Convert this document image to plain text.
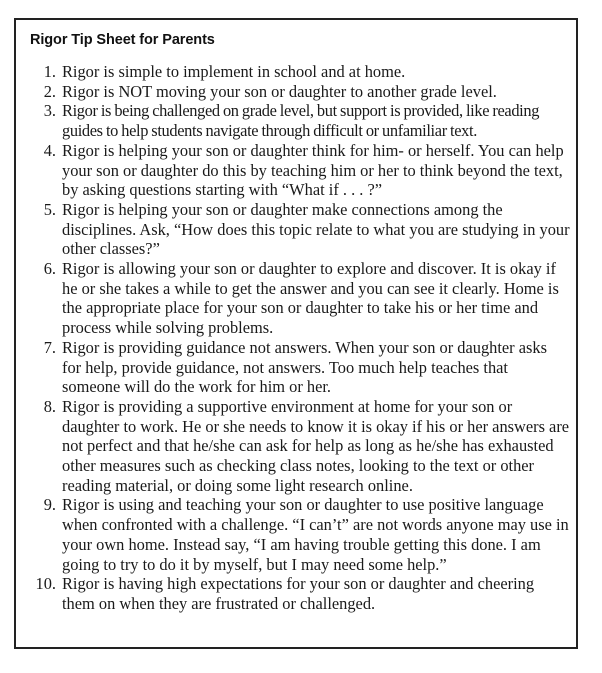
Rigor Tip Sheet for Parents
1. Rigor is simple to implement in school and at home.
2. Rigor is NOT moving your son or daughter to another grade level.
3. Rigor is being challenged on grade level, but support is provided, like reading guides to help students navigate through difficult or unfamiliar text.
4. Rigor is helping your son or daughter think for him- or herself. You can help your son or daughter do this by teaching him or her to think beyond the text, by asking questions starting with “What if . . . ?”
5. Rigor is helping your son or daughter make connections among the disciplines. Ask, “How does this topic relate to what you are studying in your other classes?”
6. Rigor is allowing your son or daughter to explore and discover. It is okay if he or she takes a while to get the answer and you can see it clearly. Home is the appropriate place for your son or daughter to take his or her time and process while solving problems.
7. Rigor is providing guidance not answers. When your son or daughter asks for help, provide guidance, not answers. Too much help teaches that someone will do the work for him or her.
8. Rigor is providing a supportive environment at home for your son or daughter to work. He or she needs to know it is okay if his or her answers are not perfect and that he/she can ask for help as long as he/she has exhausted other measures such as checking class notes, looking to the text or other reading material, or doing some light research online.
9. Rigor is using and teaching your son or daughter to use positive language when confronted with a challenge. “I can’t” are not words anyone may use in your own home. Instead say, “I am having trouble getting this done. I am going to try to do it by myself, but I may need some help.”
10. Rigor is having high expectations for your son or daughter and cheering them on when they are frustrated or challenged.
